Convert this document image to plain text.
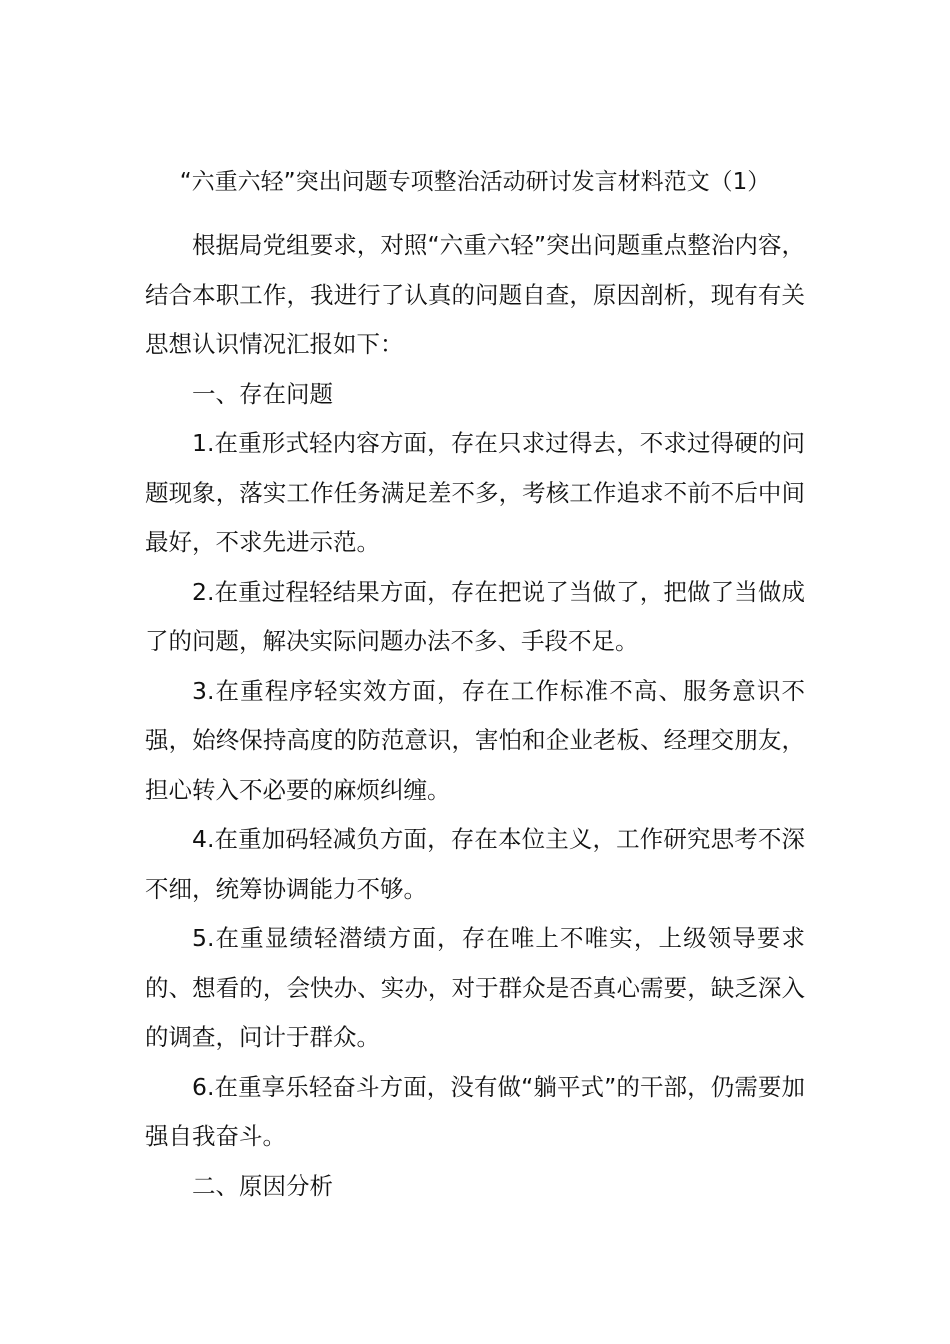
“六重六轻”突出问题专项整治活动研讨发言材料范文（1）

根据局党组要求，对照“六重六轻”突出问题重点整治内容，结合本职工作，我进行了认真的问题自查，原因剖析，现有有关思想认识情况汇报如下：

一、存在问题

1.在重形式轻内容方面，存在只求过得去，不求过得硬的问题现象，落实工作任务满足差不多，考核工作追求不前不后中间最好，不求先进示范。

2.在重过程轻结果方面，存在把说了当做了，把做了当做成了的问题，解决实际问题办法不多、手段不足。

3.在重程序轻实效方面，存在工作标准不高、服务意识不强，始终保持高度的防范意识，害怕和企业老板、经理交朋友，担心转入不必要的麻烦纠缠。

4.在重加码轻减负方面，存在本位主义，工作研究思考不深不细，统筹协调能力不够。

5.在重显绩轻潜绩方面，存在唯上不唯实，上级领导要求的、想看的，会快办、实办，对于群众是否真心需要，缺乏深入的调查，问计于群众。

6.在重享乐轻奋斗方面，没有做“躺平式”的干部，仍需要加强自我奋斗。

二、原因分析
